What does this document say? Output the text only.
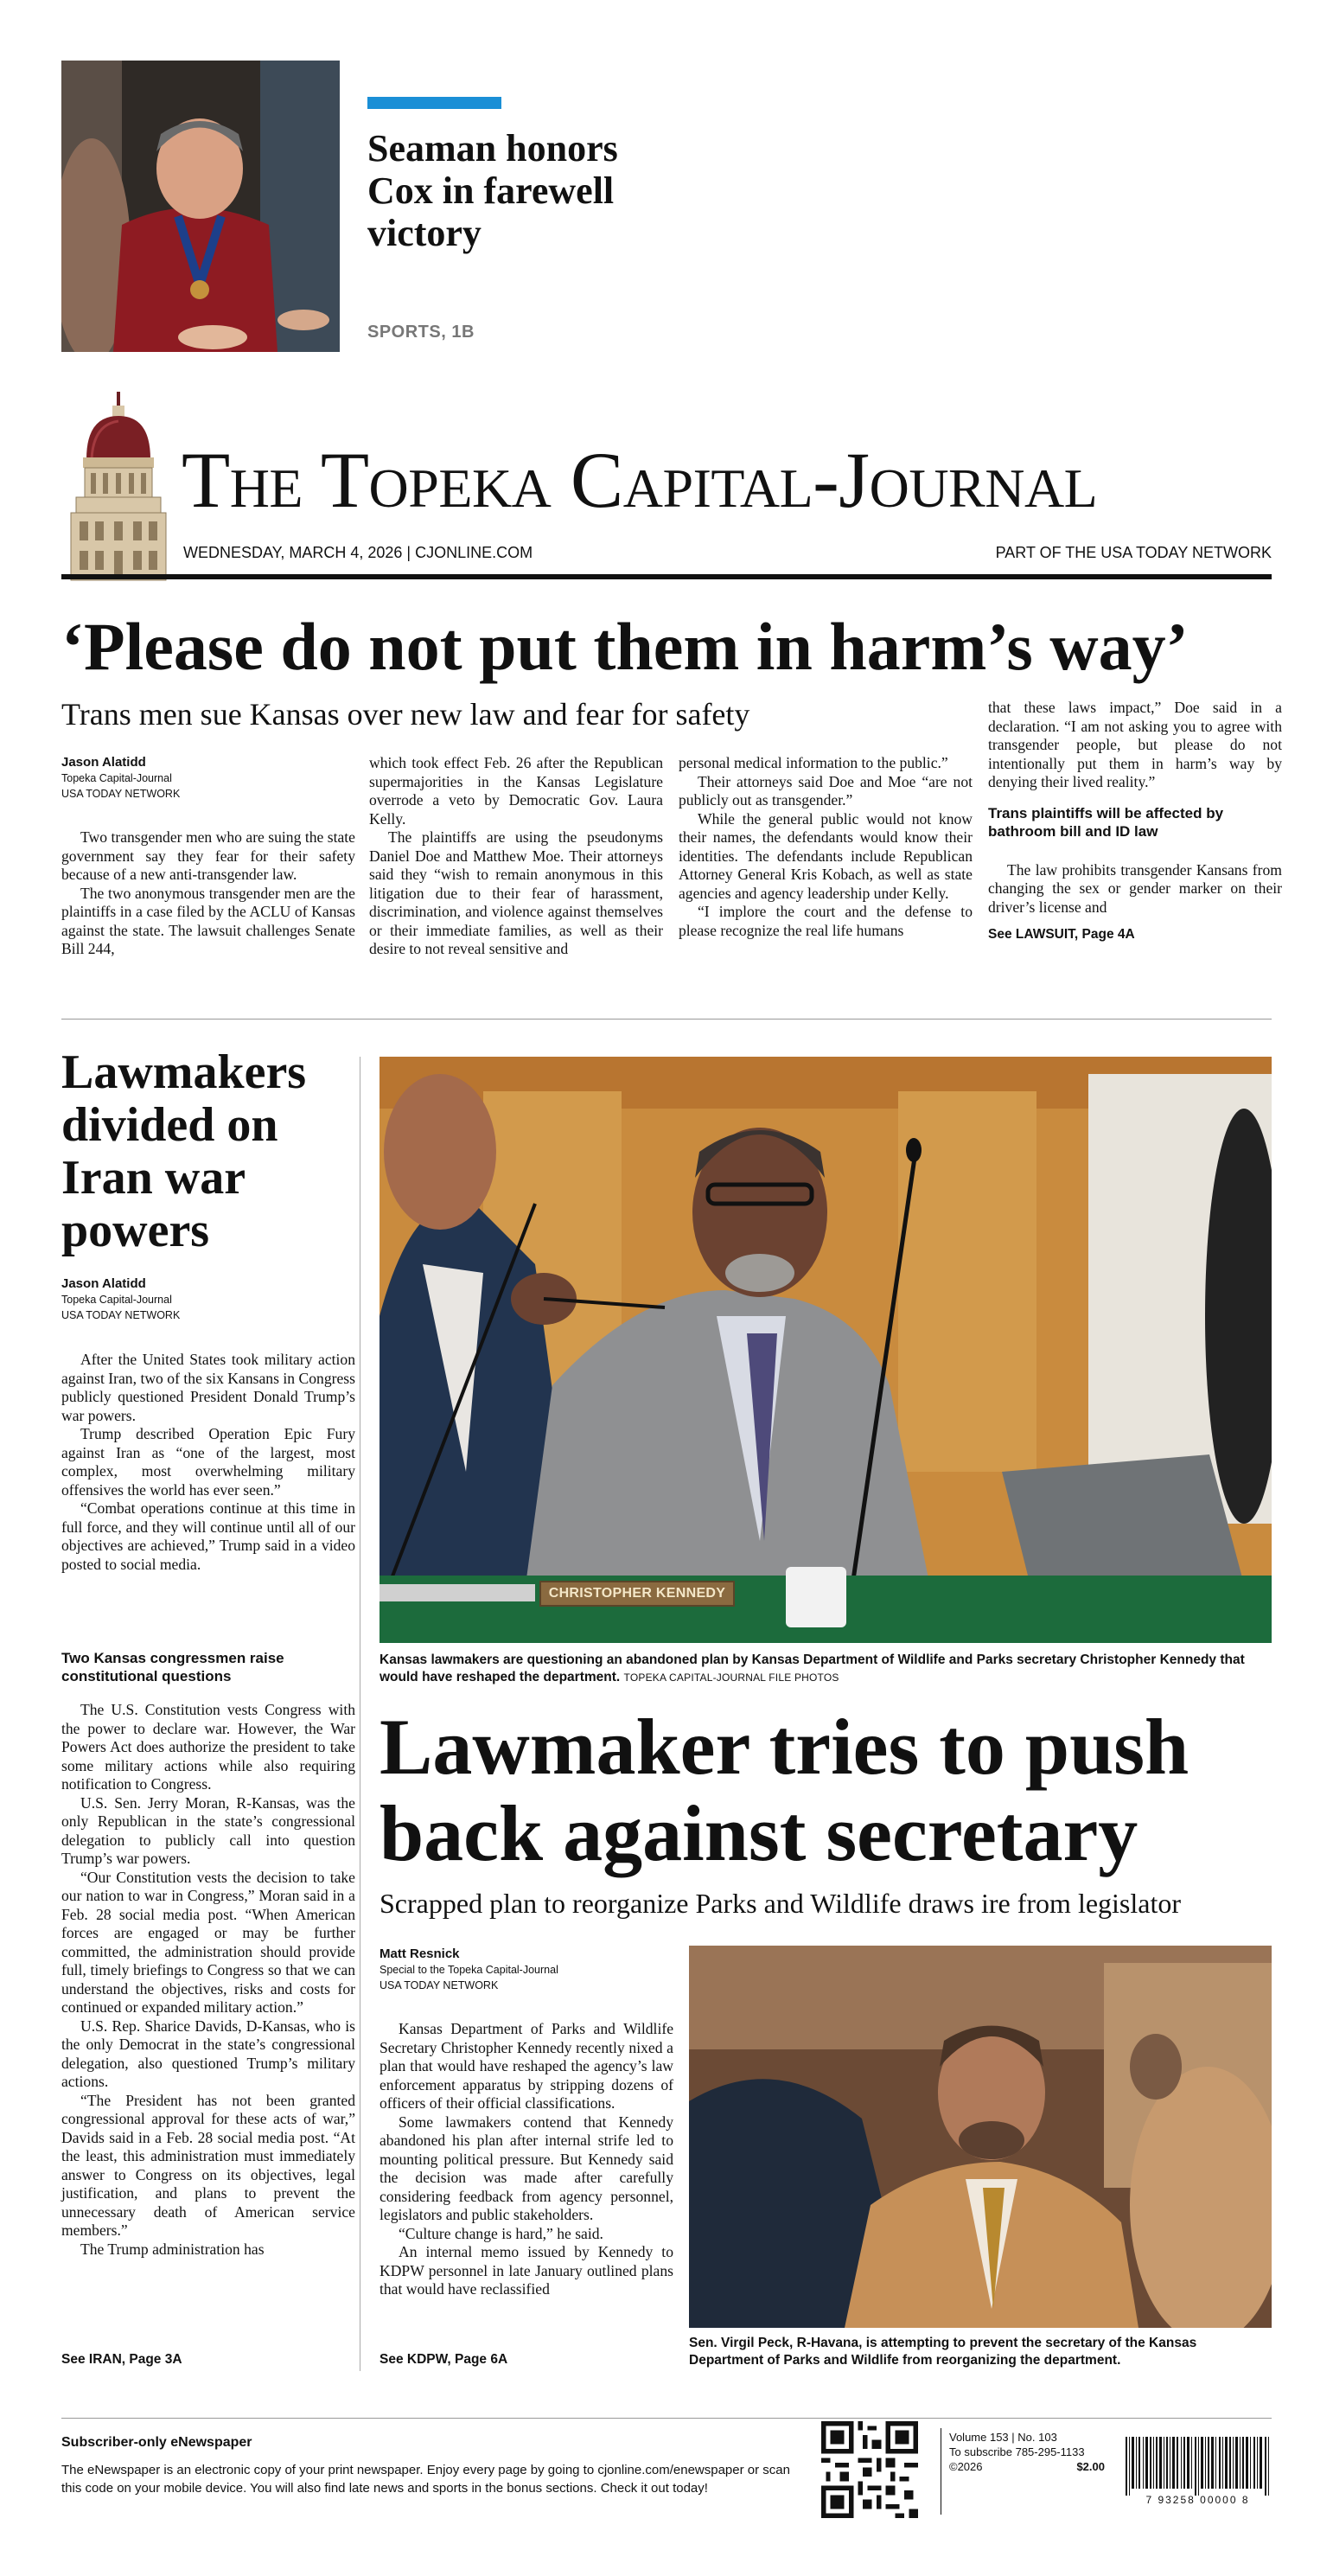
Seaman honors Cox in farewell victory
SPORTS, 1B
The Topeka Capital-Journal
WEDNESDAY, MARCH 4, 2026 | CJONLINE.COM	PART OF THE USA TODAY NETWORK
‘Please do not put them in harm’s way’
Trans men sue Kansas over new law and fear for safety
Jason Alatidd
Topeka Capital-Journal
USA TODAY NETWORK

Two transgender men who are suing the state government say they fear for their safety because of a new anti-transgender law.

The two anonymous transgender men are the plaintiffs in a case filed by the ACLU of Kansas against the state. The lawsuit challenges Senate Bill 244,

which took effect Feb. 26 after the Republican supermajorities in the Kansas Legislature overrode a veto by Democratic Gov. Laura Kelly.

The plaintiffs are using the pseudonyms Daniel Doe and Matthew Moe. Their attorneys said they “wish to remain anonymous in this litigation due to their fear of harassment, discrimination, and violence against themselves or their immediate families, as well as their desire to not reveal sensitive and

personal medical information to the public.”

Their attorneys said Doe and Moe “are not publicly out as transgender.”

While the general public would not know their names, the defendants would know their identities. The defendants include Republican Attorney General Kris Kobach, as well as state agencies and agency leadership under Kelly.

“I implore the court and the defense to please recognize the real life humans

that these laws impact,” Doe said in a declaration. “I am not asking you to agree with transgender people, but please do not intentionally put them in harm’s way by denying their lived reality.”

Trans plaintiffs will be affected by bathroom bill and ID law

The law prohibits transgender Kansans from changing the sex or gender marker on their driver’s license and

See LAWSUIT, Page 4A
Lawmakers divided on Iran war powers
Jason Alatidd
Topeka Capital-Journal
USA TODAY NETWORK

After the United States took military action against Iran, two of the six Kansans in Congress publicly questioned President Donald Trump’s war powers.

Trump described Operation Epic Fury against Iran as “one of the largest, most complex, most overwhelming military offensives the world has ever seen.”

“Combat operations continue at this time in full force, and they will continue until all of our objectives are achieved,” Trump said in a video posted to social media.

Two Kansas congressmen raise constitutional questions

The U.S. Constitution vests Congress with the power to declare war. However, the War Powers Act does authorize the president to take some military actions while also requiring notification to Congress.

U.S. Sen. Jerry Moran, R-Kansas, was the only Republican in the state’s congressional delegation to publicly call into question Trump’s war powers.

“Our Constitution vests the decision to take our nation to war in Congress,” Moran said in a Feb. 28 social media post. “When American forces are engaged or may be further committed, the administration should provide full, timely briefings to Congress so that we can understand the objectives, risks and costs for continued or expanded military action.”

U.S. Rep. Sharice Davids, D-Kansas, who is the only Democrat in the state’s congressional delegation, also questioned Trump’s military actions.

“The President has not been granted congressional approval for these acts of war,” Davids said in a Feb. 28 social media post. “At the least, this administration must immediately answer to Congress on its objectives, legal justification, and plans to prevent the unnecessary death of American service members.”

The Trump administration has

See IRAN, Page 3A
CHRISTOPHER KENNEDY
Kansas lawmakers are questioning an abandoned plan by Kansas Department of Wildlife and Parks secretary Christopher Kennedy that would have reshaped the department. TOPEKA CAPITAL-JOURNAL FILE PHOTOS
Lawmaker tries to push back against secretary
Scrapped plan to reorganize Parks and Wildlife draws ire from legislator
Matt Resnick
Special to the Topeka Capital-Journal
USA TODAY NETWORK

Kansas Department of Parks and Wildlife Secretary Christopher Kennedy recently nixed a plan that would have reshaped the agency’s law enforcement apparatus by stripping dozens of officers of their official classifications.

Some lawmakers contend that Kennedy abandoned his plan after internal strife led to mounting political pressure. But Kennedy said the decision was made after carefully considering feedback from agency personnel, legislators and public stakeholders.

“Culture change is hard,” he said.

An internal memo issued by Kennedy to KDPW personnel in late January outlined plans that would have reclassified

See KDPW, Page 6A
Sen. Virgil Peck, R-Havana, is attempting to prevent the secretary of the Kansas Department of Parks and Wildlife from reorganizing the department.
Subscriber-only eNewspaper
The eNewspaper is an electronic copy of your print newspaper. Enjoy every page by going to cjonline.com/enewspaper or scan this code on your mobile device. You will also find late news and sports in the bonus sections. Check it out today!
Volume 153 | No. 103
To subscribe 785-295-1133
©2026	$2.00
7 93258 00000 8
